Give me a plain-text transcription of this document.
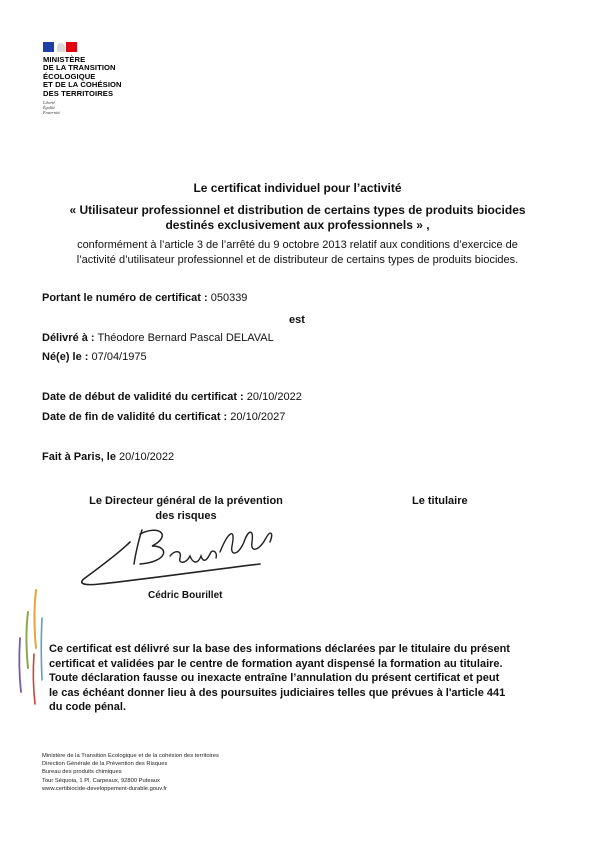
MINISTÈRE
DE LA TRANSITION
ÉCOLOGIQUE
ET DE LA COHÉSION
DES TERRITOIRES
Liberté
Égalité
Fraternité
Le certificat individuel pour l’activité
« Utilisateur professionnel et distribution de certains types de produits biocides
destinés exclusivement aux professionnels » ,
conformément à l’article 3 de l’arrêté du 9 octobre 2013 relatif aux conditions d’exercice de
l’activité d’utilisateur professionnel et de distributeur de certains types de produits biocides.
Portant le numéro de certificat : 050339
est
Délivré à : Théodore Bernard Pascal DELAVAL
Né(e) le : 07/04/1975
Date de début de validité du certificat : 20/10/2022
Date de fin de validité du certificat : 20/10/2027
Fait à Paris, le 20/10/2022
Le Directeur général de la prévention
des risques
Le titulaire
Cédric Bourillet
Ce certificat est délivré sur la base des informations déclarées par le titulaire du présent
certificat et validées par le centre de formation ayant dispensé la formation au titulaire.
Toute déclaration fausse ou inexacte entraîne l’annulation du présent certificat et peut
le cas échéant donner lieu à des poursuites judiciaires telles que prévues à l'article 441
du code pénal.
Ministère de la Transition Ecologique et de la cohésion des territoires
Direction Générale de la Prévention des Risques
Bureau des produits chimiques
Tour Séquoia, 1 Pl. Carpeaux, 92800 Puteaux
www.certibiocide-developpement-durable.gouv.fr
